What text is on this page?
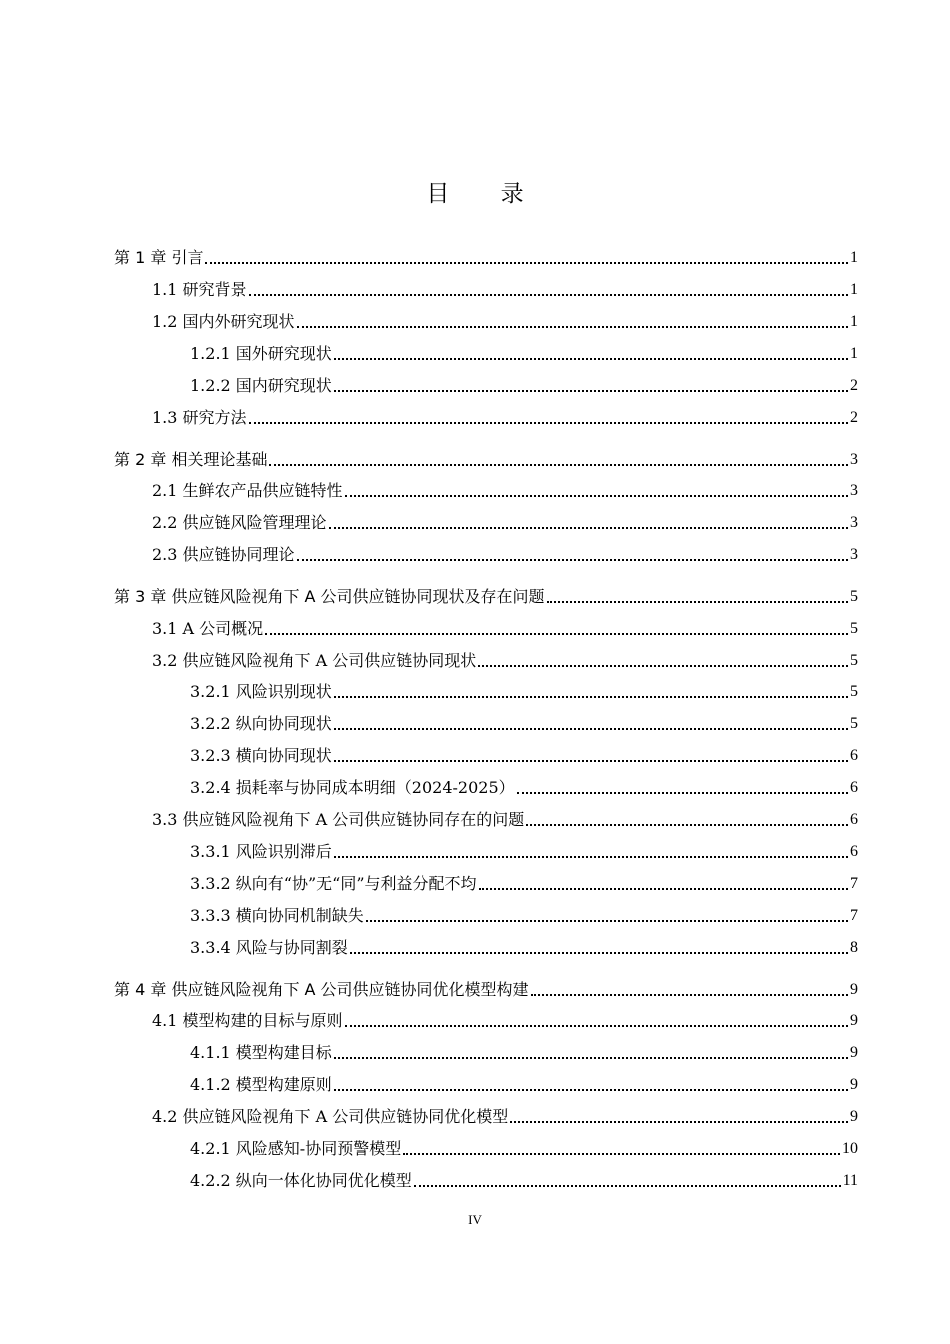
目 录
第 1 章 引言	1
1.1 研究背景	1
1.2 国内外研究现状	1
1.2.1 国外研究现状	1
1.2.2 国内研究现状	2
1.3 研究方法	2
第 2 章 相关理论基础	3
2.1 生鲜农产品供应链特性	3
2.2 供应链风险管理理论	3
2.3 供应链协同理论	3
第 3 章 供应链风险视角下 A 公司供应链协同现状及存在问题	5
3.1 A 公司概况	5
3.2 供应链风险视角下 A 公司供应链协同现状	5
3.2.1 风险识别现状	5
3.2.2 纵向协同现状	5
3.2.3 横向协同现状	6
3.2.4 损耗率与协同成本明细（2024-2025）	6
3.3 供应链风险视角下 A 公司供应链协同存在的问题	6
3.3.1 风险识别滞后	6
3.3.2 纵向有“协”无“同”与利益分配不均	7
3.3.3 横向协同机制缺失	7
3.3.4 风险与协同割裂	8
第 4 章 供应链风险视角下 A 公司供应链协同优化模型构建	9
4.1 模型构建的目标与原则	9
4.1.1 模型构建目标	9
4.1.2 模型构建原则	9
4.2 供应链风险视角下 A 公司供应链协同优化模型	9
4.2.1 风险感知-协同预警模型	10
4.2.2 纵向一体化协同优化模型	11
IV
